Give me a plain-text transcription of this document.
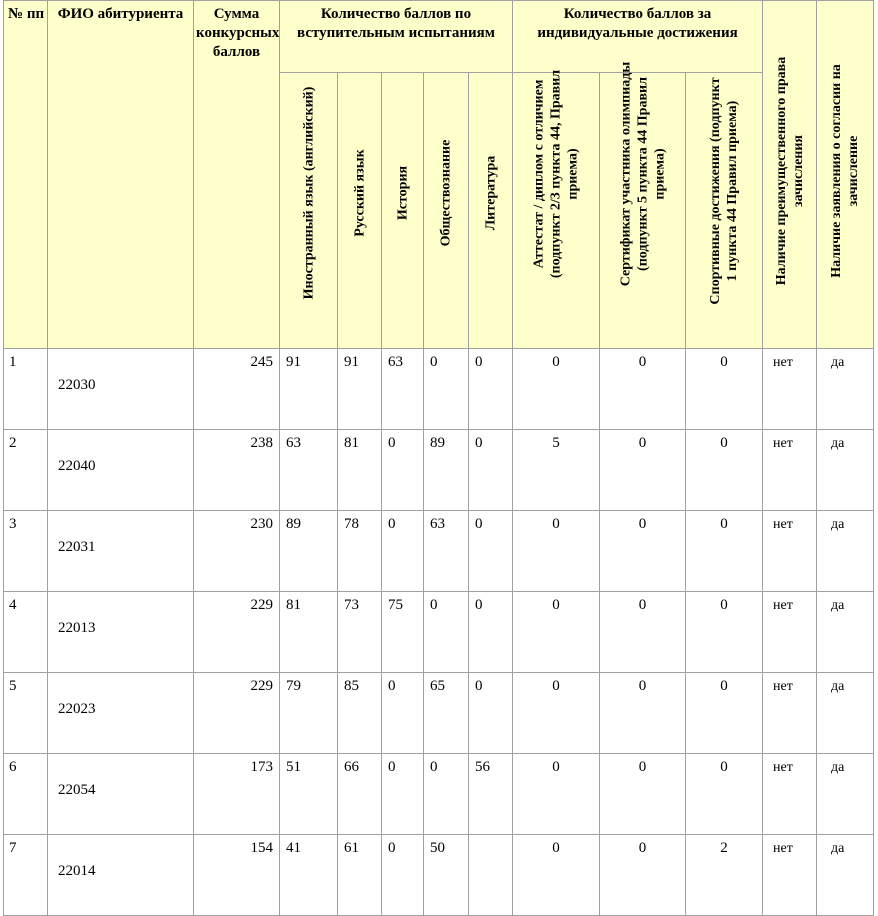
№ пп	ФИО абитуриента	Сумма конкурсных баллов	Количество баллов по вступительным испытаниям					Количество баллов за индивидуальные достижения			Наличие преимущественного права зачисления	Наличие заявления о согласии на зачисление

			Иностранный язык (английский)	Русский язык	История	Обществознание	Литература	Аттестат / диплом с отличием (подпункт 2/3 пункта 44, Правил приема)	Сертификат участника олимпиады (подпункт 5 пункта 44 Правил приема)	Спортивные достижения (подпункт 1 пункта 44 Правил приема)		

1	22030	245	91	91	63	0	0	0	0	0	нет	да
2	22040	238	63	81	0	89	0	5	0	0	нет	да
3	22031	230	89	78	0	63	0	0	0	0	нет	да
4	22013	229	81	73	75	0	0	0	0	0	нет	да
5	22023	229	79	85	0	65	0	0	0	0	нет	да
6	22054	173	51	66	0	0	56	0	0	0	нет	да
7	22014	154	41	61	0	50		0	0	2	нет	да
